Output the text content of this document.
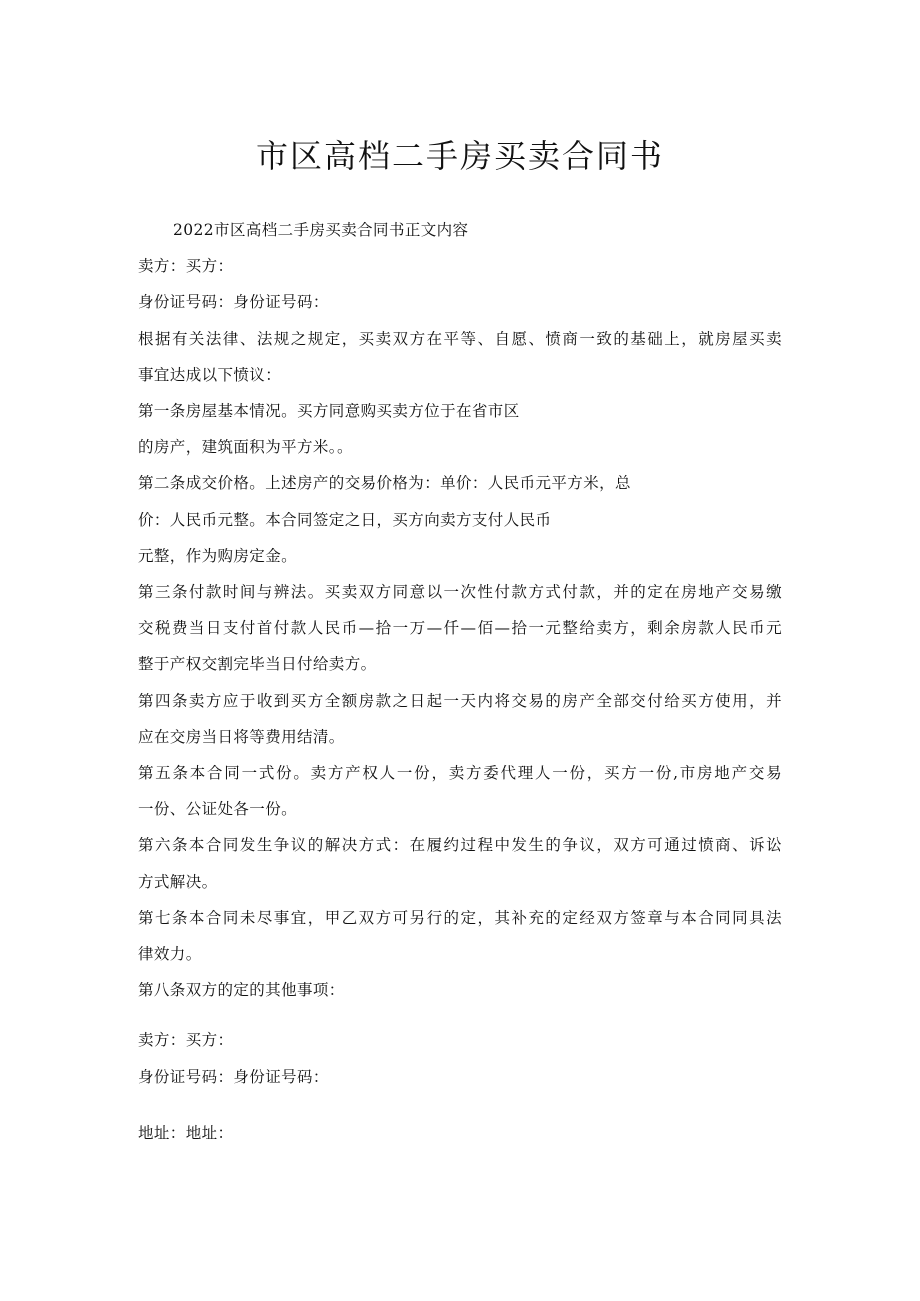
市区高档二手房买卖合同书
2022市区高档二手房买卖合同书正文内容
卖方：买方：
身份证号码：身份证号码：
根据有关法律、法规之规定，买卖双方在平等、自愿、愤商一致的基础上，就房屋买卖
事宜达成以下愤议：
第一条房屋基本情况。买方同意购买卖方位于在省市区
的房产，建筑面积为平方米。。
第二条成交价格。上述房产的交易价格为：单价：人民币元平方米，总
价：人民币元整。本合同签定之日，买方向卖方支付人民币
元整，作为购房定金。
第三条付款时间与辨法。买卖双方同意以一次性付款方式付款，并的定在房地产交易缴
交税费当日支付首付款人民币—拾一万—仟—佰—拾一元整给卖方，剩余房款人民币元
整于产权交割完毕当日付给卖方。
第四条卖方应于收到买方全额房款之日起一天内将交易的房产全部交付给买方使用，并
应在交房当日将等费用结清。
第五条本合同一式份。卖方产权人一份，卖方委代理人一份，买方一份,市房地产交易
一份、公证处各一份。
第六条本合同发生争议的解决方式：在履约过程中发生的争议，双方可通过愤商、诉讼
方式解决。
第七条本合同未尽事宜，甲乙双方可另行的定，其补充的定经双方签章与本合同同具法
律效力。
第八条双方的定的其他事项：
卖方：买方：
身份证号码：身份证号码：
地址：地址：
